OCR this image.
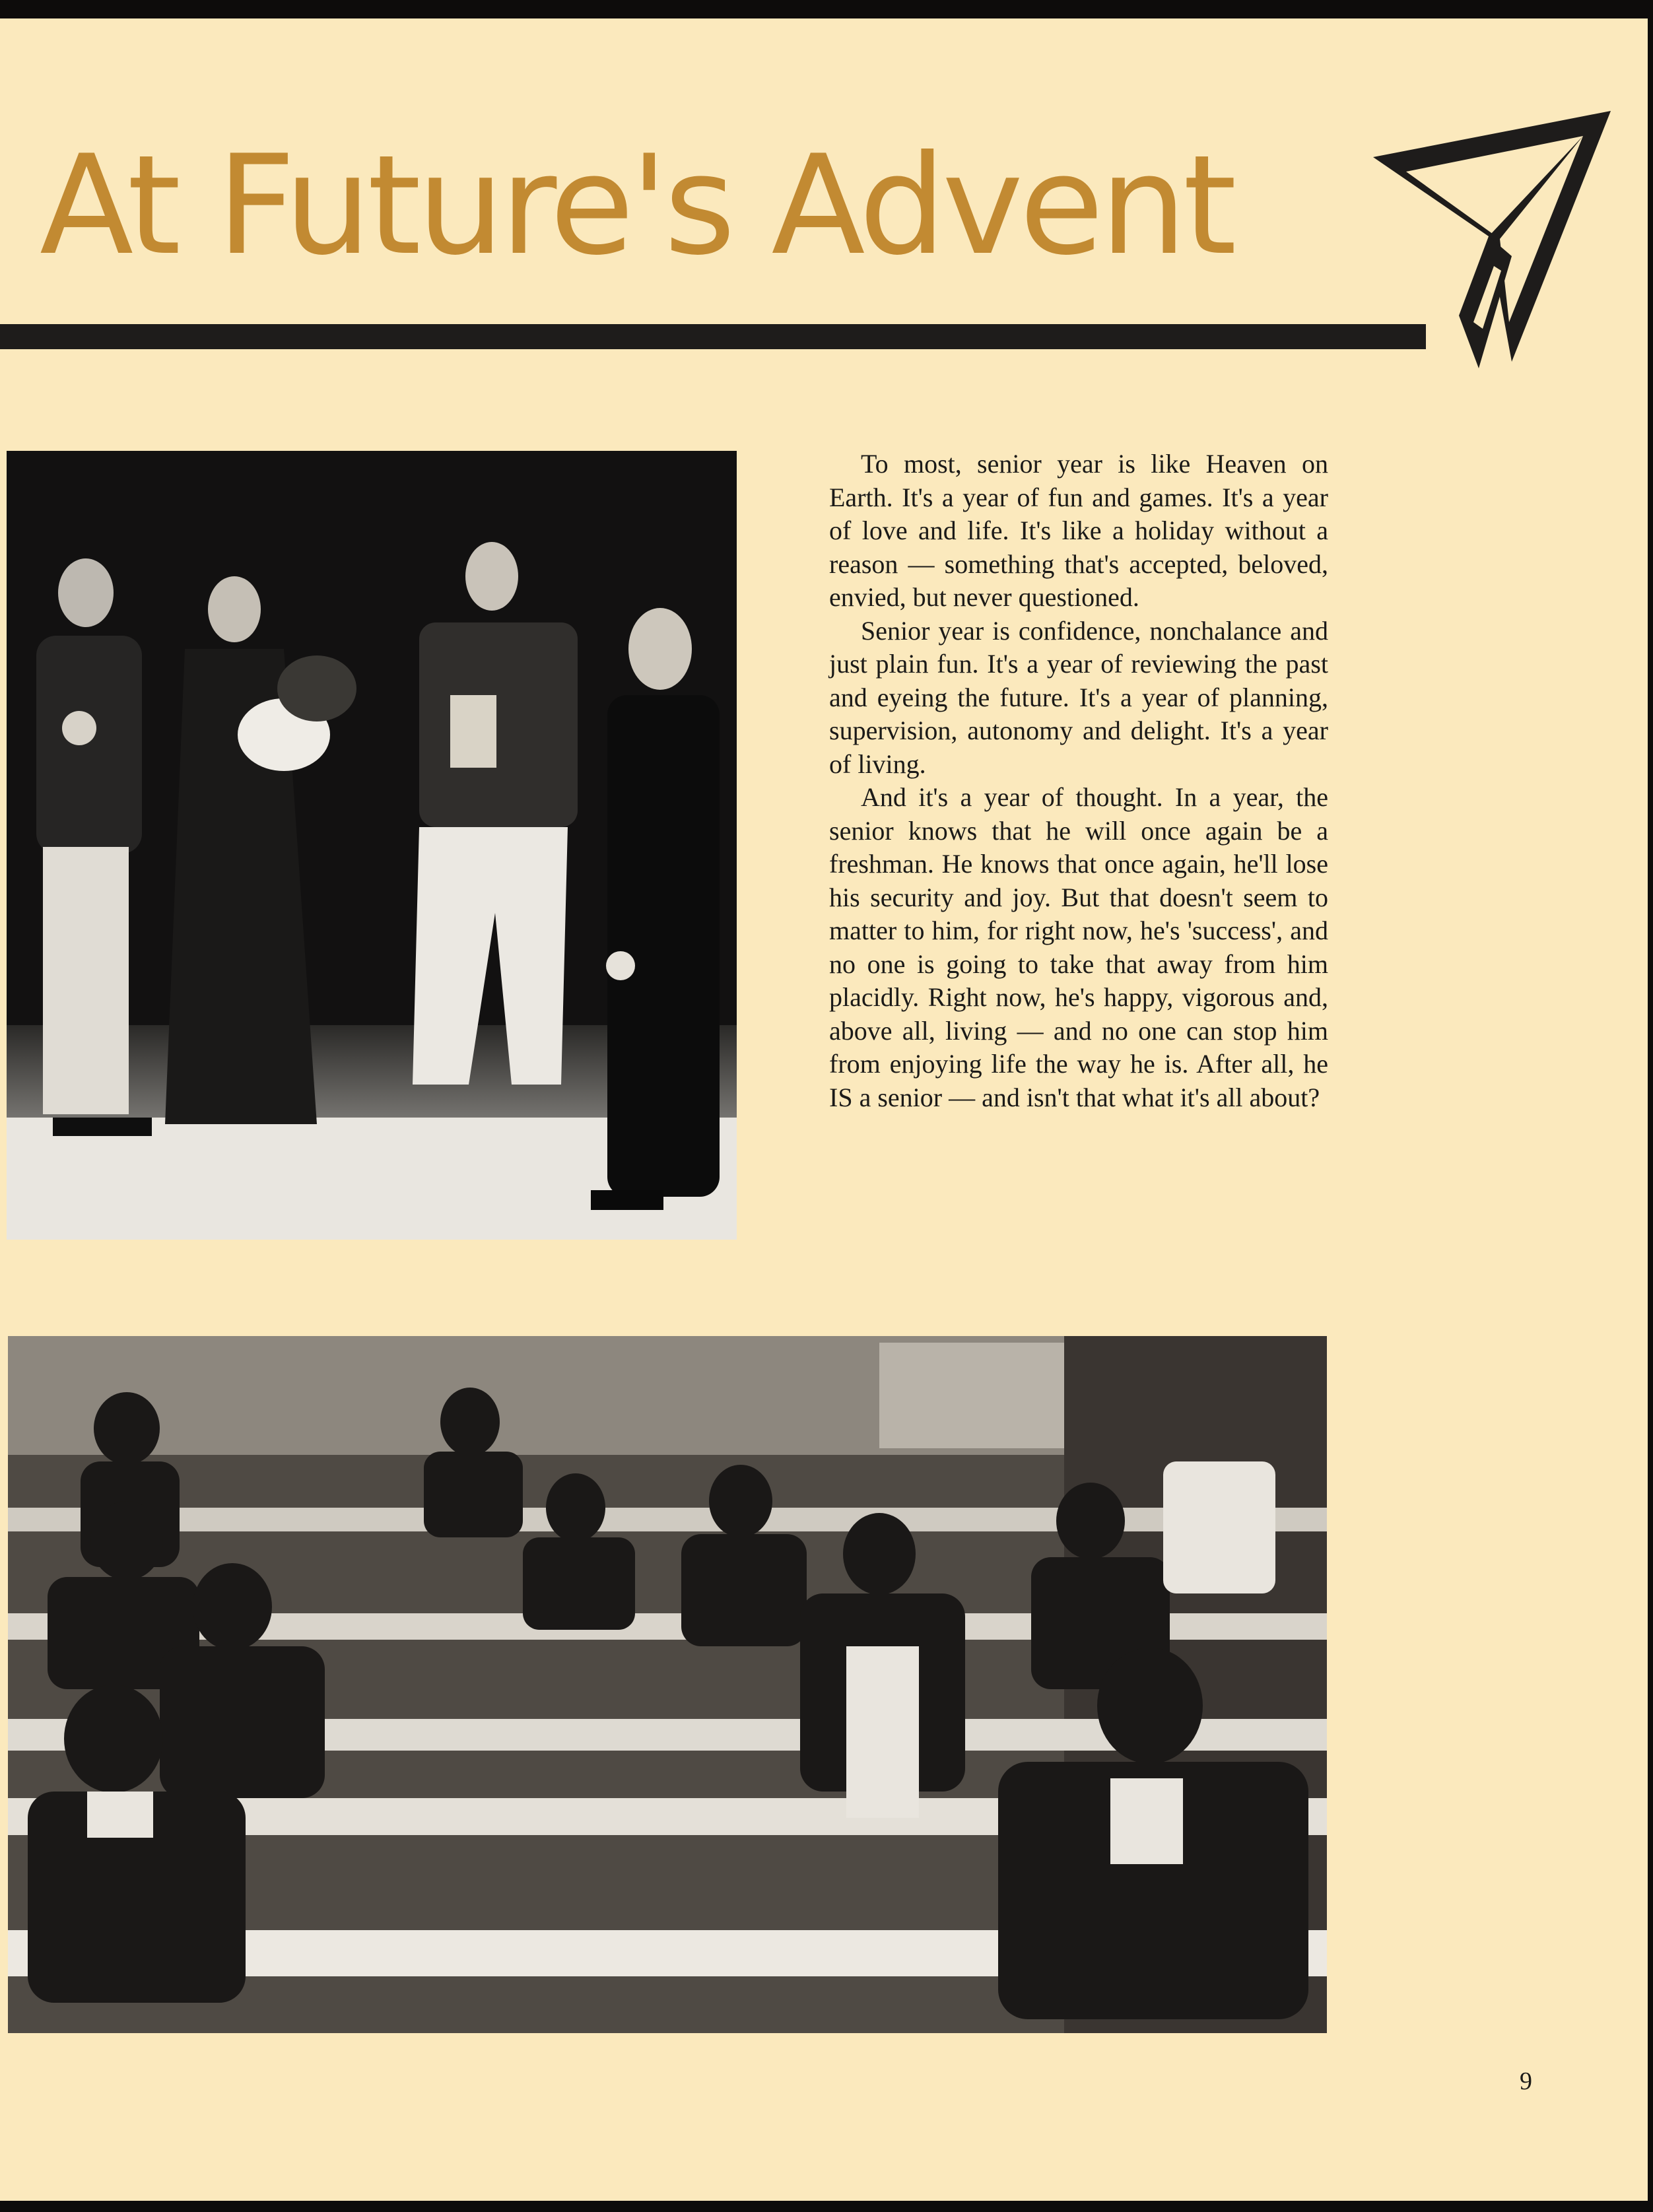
At Future's Advent

To most, senior year is like Heaven on Earth. It's a year of fun and games. It's a year of love and life. It's like a holiday without a reason — something that's accepted, beloved, envied, but never questioned.

Senior year is confidence, nonchalance and just plain fun. It's a year of reviewing the past and eyeing the future. It's a year of planning, supervision, autonomy and delight. It's a year of living.

And it's a year of thought. In a year, the senior knows that he will once again be a freshman. He knows that once again, he'll lose his security and joy. But that doesn't seem to matter to him, for right now, he's 'success', and no one is going to take that away from him placidly. Right now, he's happy, vigorous and, above all, living — and no one can stop him from enjoying life the way he is. After all, he IS a senior — and isn't that what it's all about?

9
